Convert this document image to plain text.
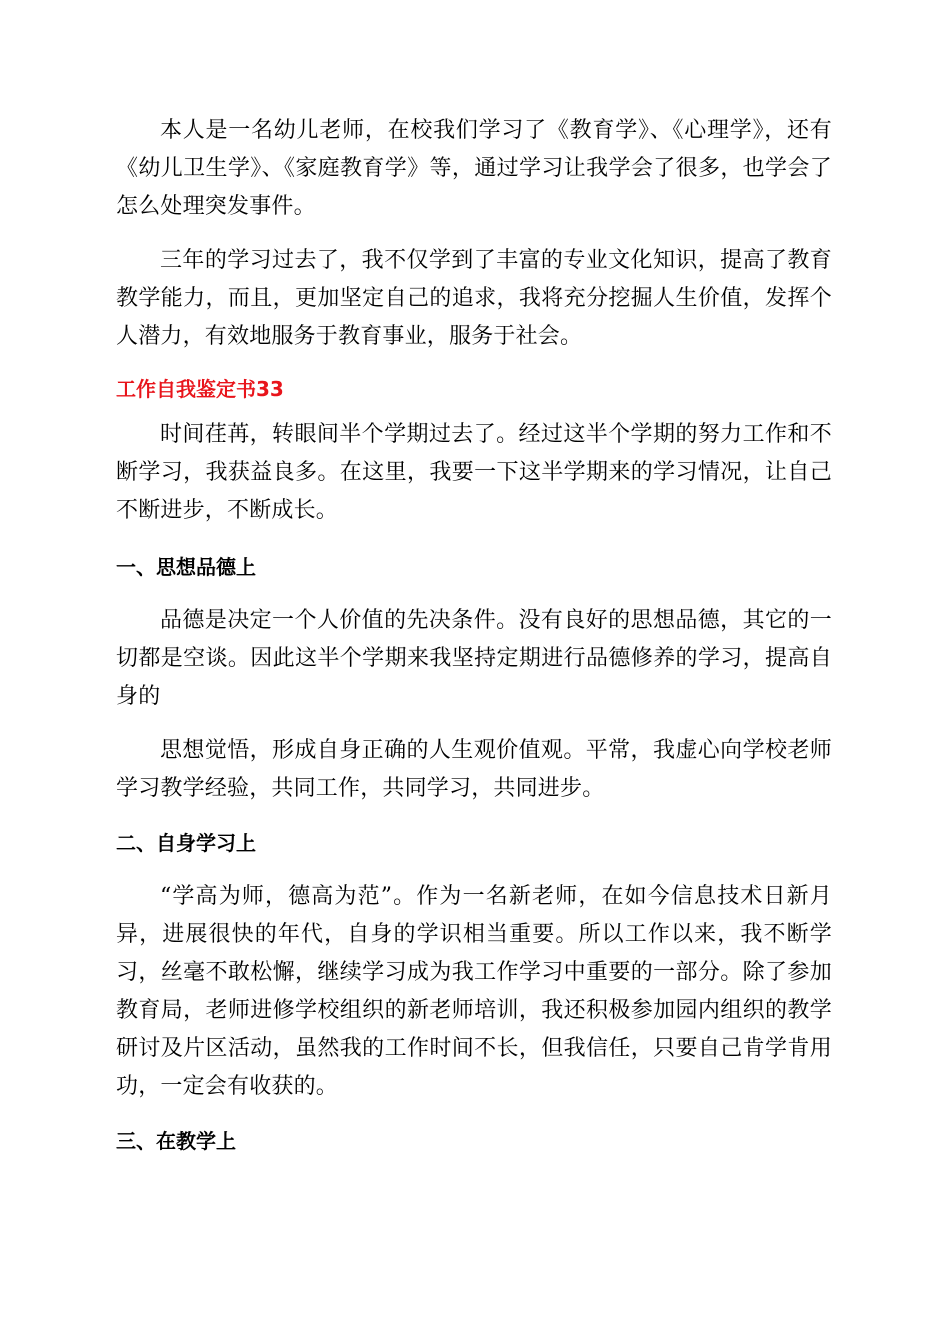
本人是一名幼儿老师，在校我们学习了《教育学》、《心理学》，还有《幼儿卫生学》、《家庭教育学》等，通过学习让我学会了很多，也学会了怎么处理突发事件。

三年的学习过去了，我不仅学到了丰富的专业文化知识，提高了教育教学能力，而且，更加坚定自己的追求，我将充分挖掘人生价值，发挥个人潜力，有效地服务于教育事业，服务于社会。

工作自我鉴定书33

时间荏苒，转眼间半个学期过去了。经过这半个学期的努力工作和不断学习，我获益良多。在这里，我要一下这半学期来的学习情况，让自己不断进步，不断成长。

一、思想品德上

品德是决定一个人价值的先决条件。没有良好的思想品德，其它的一切都是空谈。因此这半个学期来我坚持定期进行品德修养的学习，提高自身的

思想觉悟，形成自身正确的人生观价值观。平常，我虚心向学校老师学习教学经验，共同工作，共同学习，共同进步。

二、自身学习上

“学高为师，德高为范”。作为一名新老师，在如今信息技术日新月异，进展很快的年代，自身的学识相当重要。所以工作以来，我不断学习，丝毫不敢松懈，继续学习成为我工作学习中重要的一部分。除了参加教育局，老师进修学校组织的新老师培训，我还积极参加园内组织的教学研讨及片区活动，虽然我的工作时间不长，但我信任，只要自己肯学肯用功，一定会有收获的。

三、在教学上
